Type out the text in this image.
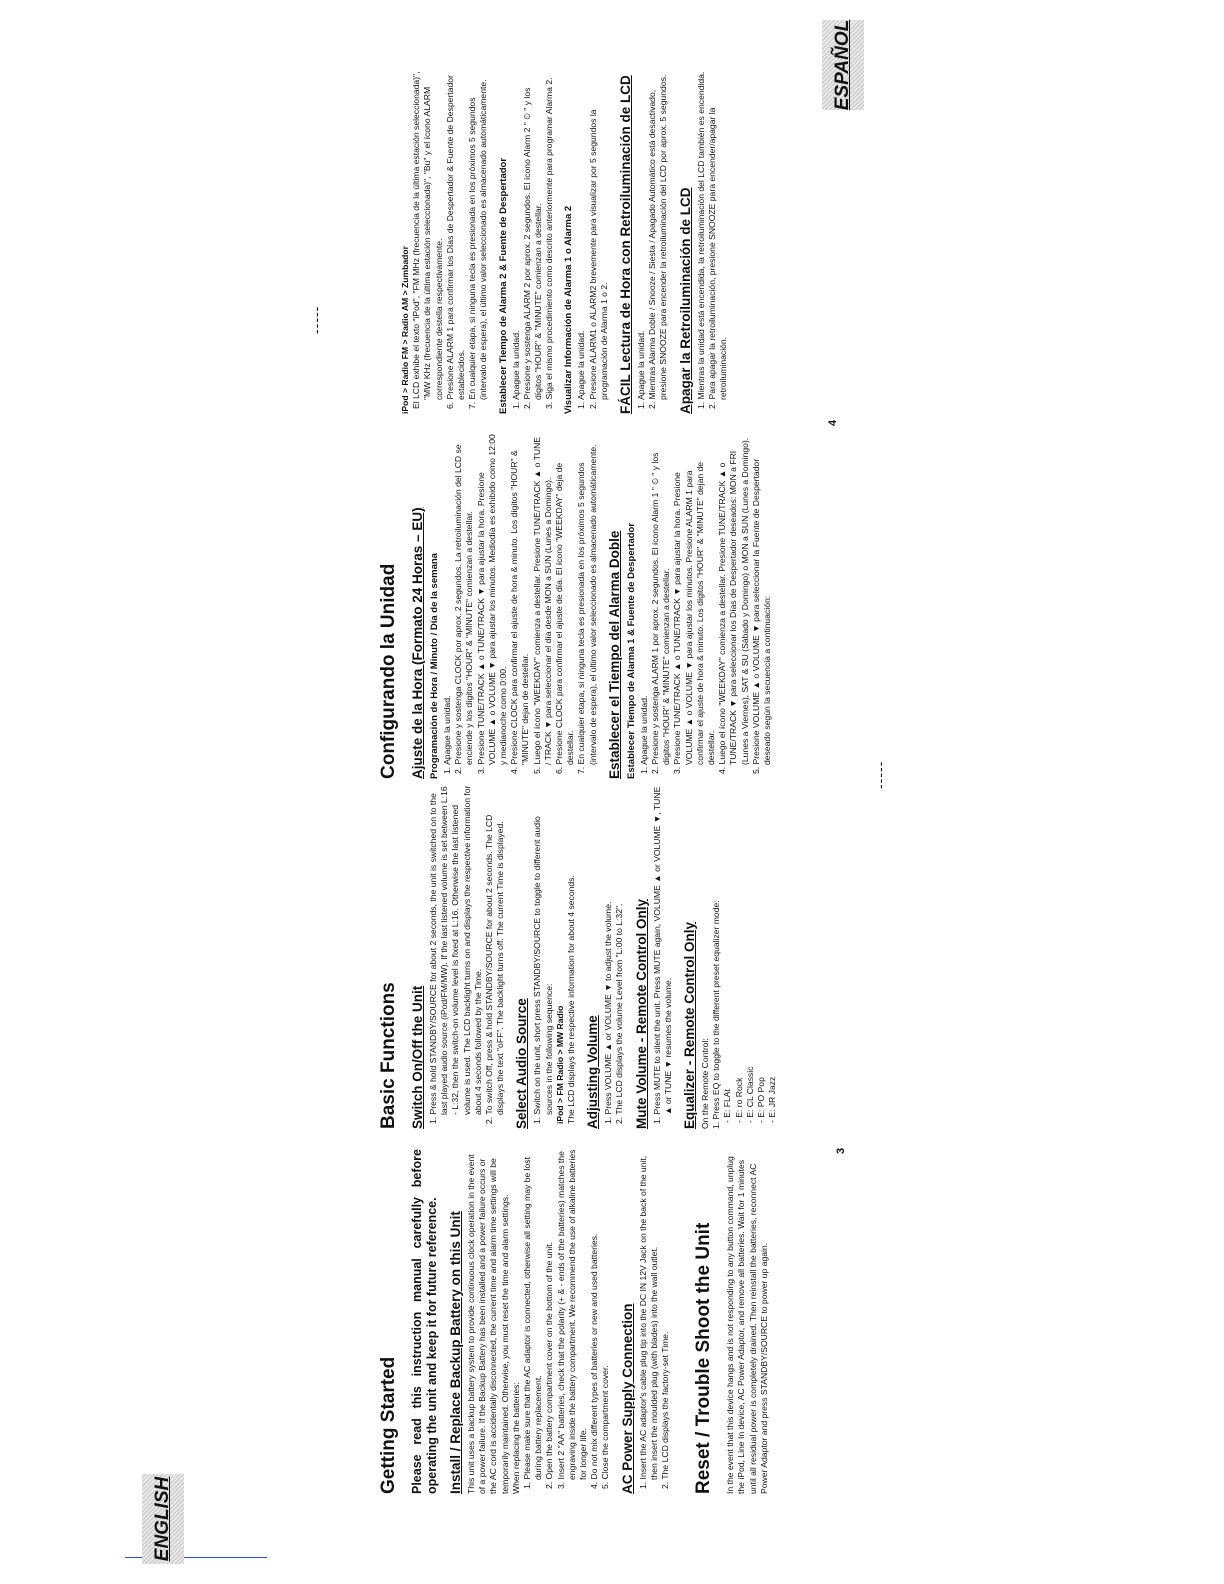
ENGLISH
ESPAÑOL
-----
-----
3
4
Getting Started Please read this instruction manual carefully before operating the unit and keep it for future reference. Install / Replace Backup Battery on this Unit This unit uses a backup battery system to provide continuous clock operation in the event of a power failure. If the Backup Battery has been installed and a power failure occurs or the AC cord is accidentally disconnected, the current time and alarm time settings will be temporarily maintained. Otherwise, you must reset the time and alarm settings. When replacing the batteries: 1. Please make sure that the AC adaptor is connected, otherwise all setting may be lost during battery replacement. 2. Open the battery compartment cover on the bottom of the unit. 3. Insert 2 "AA" batteries, check that the polarity (+ & - ends of the batteries) matches the engraving inside the battery compartment. We recommend the use of alkaline batteries for longer life. 4. Do not mix different types of batteries or new and used batteries. 5. Close the compartment cover. AC Power Supply Connection 1. Insert the AC adaptor's cable plug tip into the DC IN 12V Jack on the back of the unit, then insert the moulded plug (with blades) into the wall outlet. 2. The LCD displays the factory-set Time. Reset / Trouble Shoot the Unit In the event that this device hangs and is not responding to any button command, unplug the iPod, Line In device, AC Power Adaptor, and remove all batteries. Wait for 1 minutes until all residual power is completely drained. Then reinstall the batteries, reconnect AC Power Adaptor and press STANDBY/SOURCE to power up again.

Basic Functions Switch On/Off the Unit 1. Press & hold STANDBY/SOURCE for about 2 seconds, the unit is switched on to the last played audio source (iPod/FM/MW). If the last listened volume is set between L:16 - L:32, then the switch-on volume level is fixed at L:16. Otherwise the last listened volume is used. The LCD backlight turns on and displays the respective information for about 4 seconds followed by the Time. 2. To switch Off, press & hold STANDBY/SOURCE for about 2 seconds. The LCD displays the text "oFF". The backlight turns off. The current Time is displayed. Select Audio Source 1. Switch on the unit, short press STANDBY/SOURCE to toggle to different audio sources in the following sequence: iPod > FM Radio > MW Radio The LCD displays the respective information for about 4 seconds. Adjusting Volume 1. Press VOLUME ▲ or VOLUME ▼ to adjust the volume. 2. The LCD displays the volume Level from "L:00 to L:32". Mute Volume - Remote Control Only 1. Press MUTE to silent the unit. Press MUTE again, VOLUME ▲ or VOLUME ▼, TUNE ▲ or TUNE ▼ resumes the volume. Equalizer - Remote Control Only On the Remote Control: 1. Press EQ to toggle to the different preset equalizer mode: - E: FLAt - E: ro Rock - E: CL Classic - E: PO Pop - E: JR Jazz

Configurando la Unidad Ajuste de la Hora (Formato 24 Horas – EU) Programación de Hora / Minuto / Día de la semana 1. Apague la unidad. 2. Presione y sostenga CLOCK por aprox. 2 segundos. La retroiluminación del LCD se enciende y los dígitos "HOUR" & "MINUTE" comienzan a destellar. 3. Presione TUNE/TRACK ▲ o TUNE/TRACK ▼ para ajustar la hora. Presione VOLUME ▲ o VOLUME ▼ para ajustar los minutos. Mediodía es exhibido como 12:00 y medianoche como 0:00. 4. Presione CLOCK para confirmar el ajuste de hora & minuto. Los dígitos "HOUR" & "MINUTE" dejan de destellar. 5. Luego el ícono "WEEKDAY" comienza a destellar. Presione TUNE/TRACK ▲ o TUNE / TRACK ▼ para seleccionar el día desde MON a SUN (Lunes a Domingo). 6. Presione CLOCK para confirmar el ajuste de día. El ícono "WEEKDAY" deja de destellar. 7. En cualquier etapa, si ninguna tecla es presionada en los próximos 5 segundos (intervalo de espera), el último valor seleccionado es almacenado automáticamente. Establecer el Tiempo del Alarma Doble Establecer Tiempo de Alarma 1 & Fuente de Despertador 1. Apague la unidad. 2. Presione y sostenga ALARM 1 por aprox. 2 segundos. El ícono Alarm 1 " ⏲ " y los dígitos "HOUR" & "MINUTE" comienzan a destellar. 3. Presione TUNE/TRACK ▲ o TUNE/TRACK ▼ para ajustar la hora. Presione VOLUME ▲ o VOLUME ▼ para ajustar los minutos. Presione ALARM 1 para confirmar el ajuste de hora & minuto. Los dígitos "HOUR" & "MINUTE" dejan de destellar. 4. Luego el ícono "WEEKDAY" comienza a destellar. Presione TUNE/TRACK ▲ o TUNE/TRACK ▼ para seleccionar los Días de Despertador deseados: MON a FRI (Lunes a Viernes), SAT & SU (Sábado y Domingo) o MON a SUN (Lunes a Domingo). 5. Presione VOLUME ▲ o VOLUME ▼ para seleccionar la Fuente de Despertador deseado según la secuencia a continuación:

iPod > Radio FM > Radio AM > Zumbador El LCD exhibe el texto "iPod", "FM MHz (frecuencia de la última estación seleccionada)", "MW KHz (frecuencia de la última estación seleccionada)", "Bu" y el ícono ALARM correspondiente destella respectivamente. 6. Presione ALARM 1 para confirmar los Días de Despertador & Fuente de Despertador establecidos. 7. En cualquier etapa, si ninguna tecla es presionada en los próximos 5 segundos (intervalo de espera), el último valor seleccionado es almacenado automáticamente. Establecer Tiempo de Alarma 2 & Fuente de Despertador 1. Apague la unidad. 2. Presione y sostenga ALARM 2 por aprox. 2 segundos. El ícono Alarm 2 " ⏲ " y los dígitos "HOUR" & "MINUTE" comienzan a destellar. 3. Siga el mismo procedimiento como descrito anteriormente para programar Alarma 2. Visualizar Información de Alarma 1 o Alarma 2 1. Apague la unidad. 2. Presione ALARM1 o ALARM2 brevemente para visualizar por 5 segundos la programación de Alarma 1 o 2. FÁCIL Lectura de Hora con Retroiluminación de LCD 1. Apague la unidad. 2. Mientras Alarma Doble / Snooze / Siesta / Apagado Automático está desactivado, presione SNOOZE para encender la retroiluminación del LCD por aprox. 5 segundos. Apagar la Retroiluminación de LCD 1. Mientras la unidad está encendida, la retroiluminación del LCD también es encendida. 2. Para apagar la retroiluminación, presione SNOOZE para encender/apagar la retroiluminación.
